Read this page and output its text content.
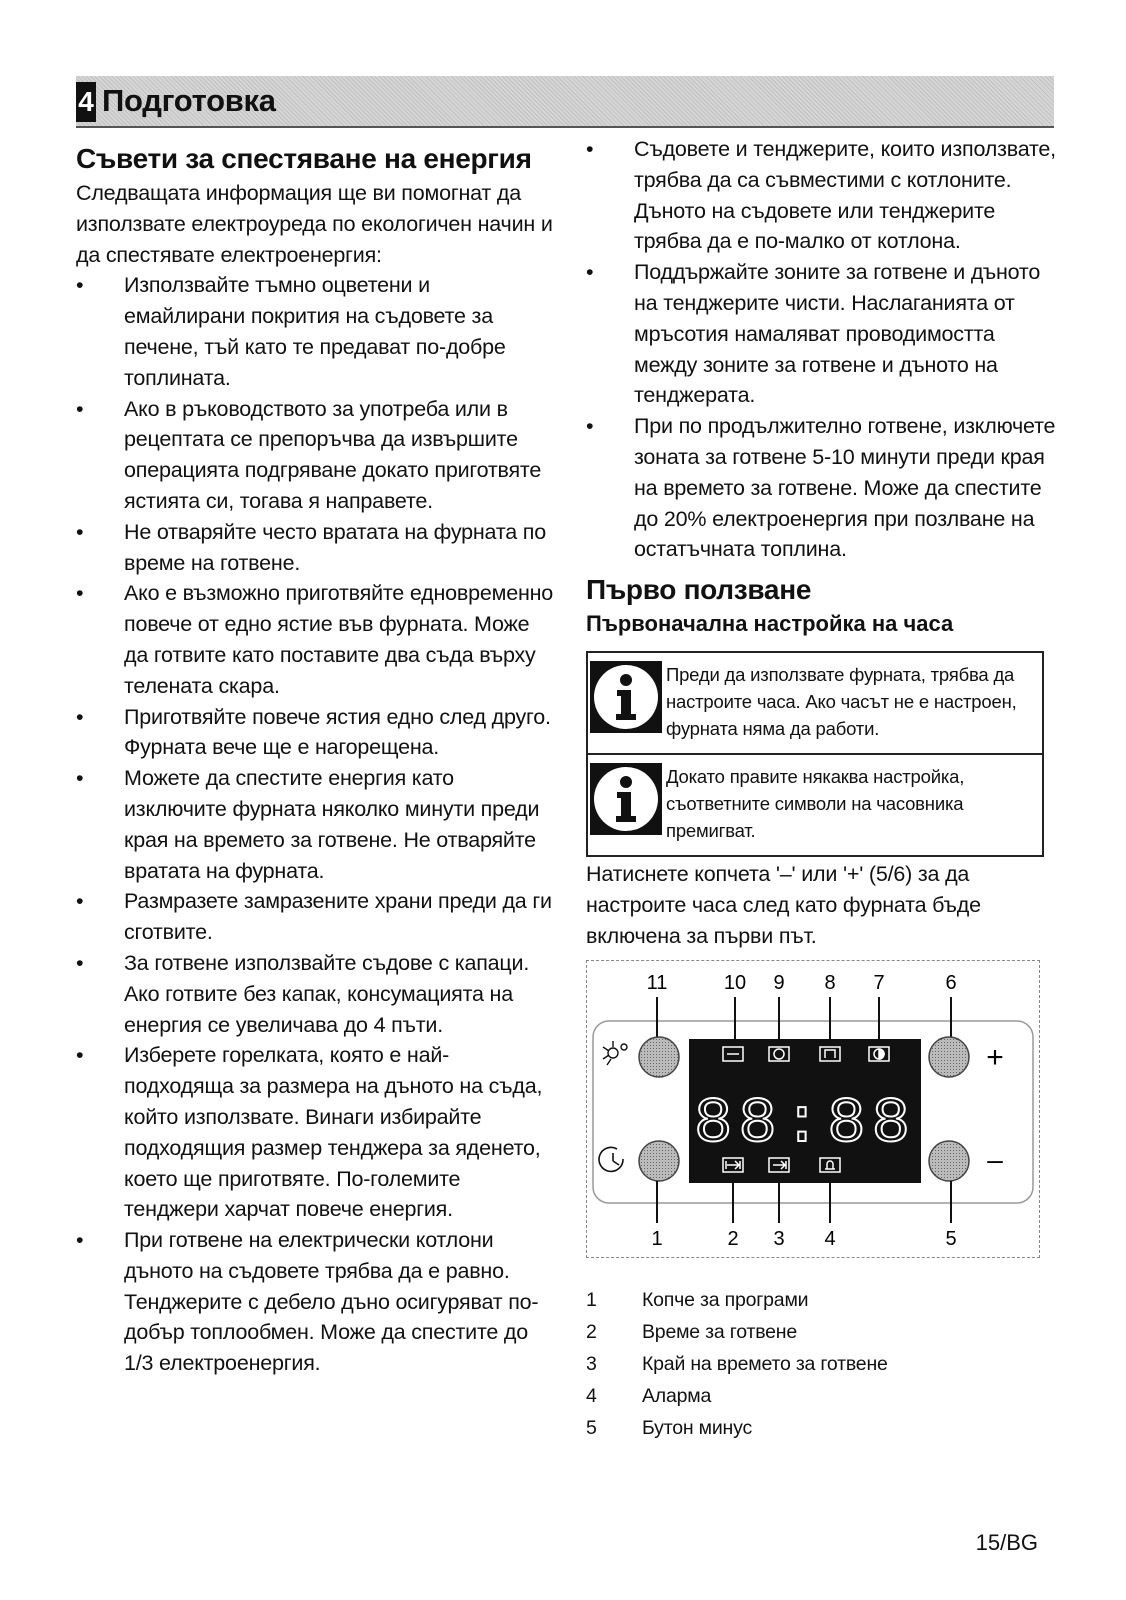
4 Подготовка
Съвети за спестяване на енергия

Следващата информация ще ви помогнат да използвате електроуреда по екологичен начин и да спестявате електроенергия:

• Използвайте тъмно оцветени и емайлирани покрития на съдовете за печене, тъй като те предават по-добре топлината.
• Ако в ръководството за употреба или в рецептата се препоръчва да извършите операцията подгряване докато приготвяте ястията си, тогава я направете.
• Не отваряйте често вратата на фурната по време на готвене.
• Ако е възможно приготвяйте едновременно повече от едно ястие във фурната. Може да готвите като поставите два съда върху телената скара.
• Приготвяйте повече ястия едно след друго. Фурната вече ще е нагорещена.
• Можете да спестите енергия като изключите фурната няколко минути преди края на времето за готвене. Не отваряйте вратата на фурната.
• Размразете замразените храни преди да ги сготвите.
• За готвене използвайте съдове с капаци. Ако готвите без капак, консумацията на енергия се увеличава до 4 пъти.
• Изберете горелката, която е най-подходяща за размера на дъното на съда, който използвате. Винаги избирайте подходящия размер тенджера за яденето, което ще приготвяте. По-големите тенджери харчат повече енергия.
• При готвене на електрически котлони дъното на съдовете трябва да е равно. Тенджерите с дебело дъно осигуряват по-добър топлообмен. Може да спестите до 1/3 електроенергия.
• Съдовете и тенджерите, които използвате, трябва да са съвместими с котлоните. Дъното на съдовете или тенджерите трябва да е по-малко от котлона.
• Поддържайте зоните за готвене и дъното на тенджерите чисти. Наслаганията от мръсотия намаляват проводимостта между зоните за готвене и дъното на тенджерата.
• При по продължително готвене, изключете зоната за готвене 5-10 минути преди края на времето за готвене. Може да спестите до 20% електроенергия при позлване на остатъчната топлина.
Първо ползване
Първоначална настройка на часа
Преди да използвате фурната, трябва да настроите часа. Ако часът не е настроен, фурната няма да работи.
Докато правите някаква настройка, съответните символи на часовника премигват.

Натиснете копчета '–' или '+' (5/6) за да настроите часа след като фурната бъде включена за първи път.

11	10 9 8 7	6
+
–
88:88
1	2 3 4	5
1	Копче за програми
2	Време за готвене
3	Край на времето за готвене
4	Аларма
5	Бутон минус
15/BG
